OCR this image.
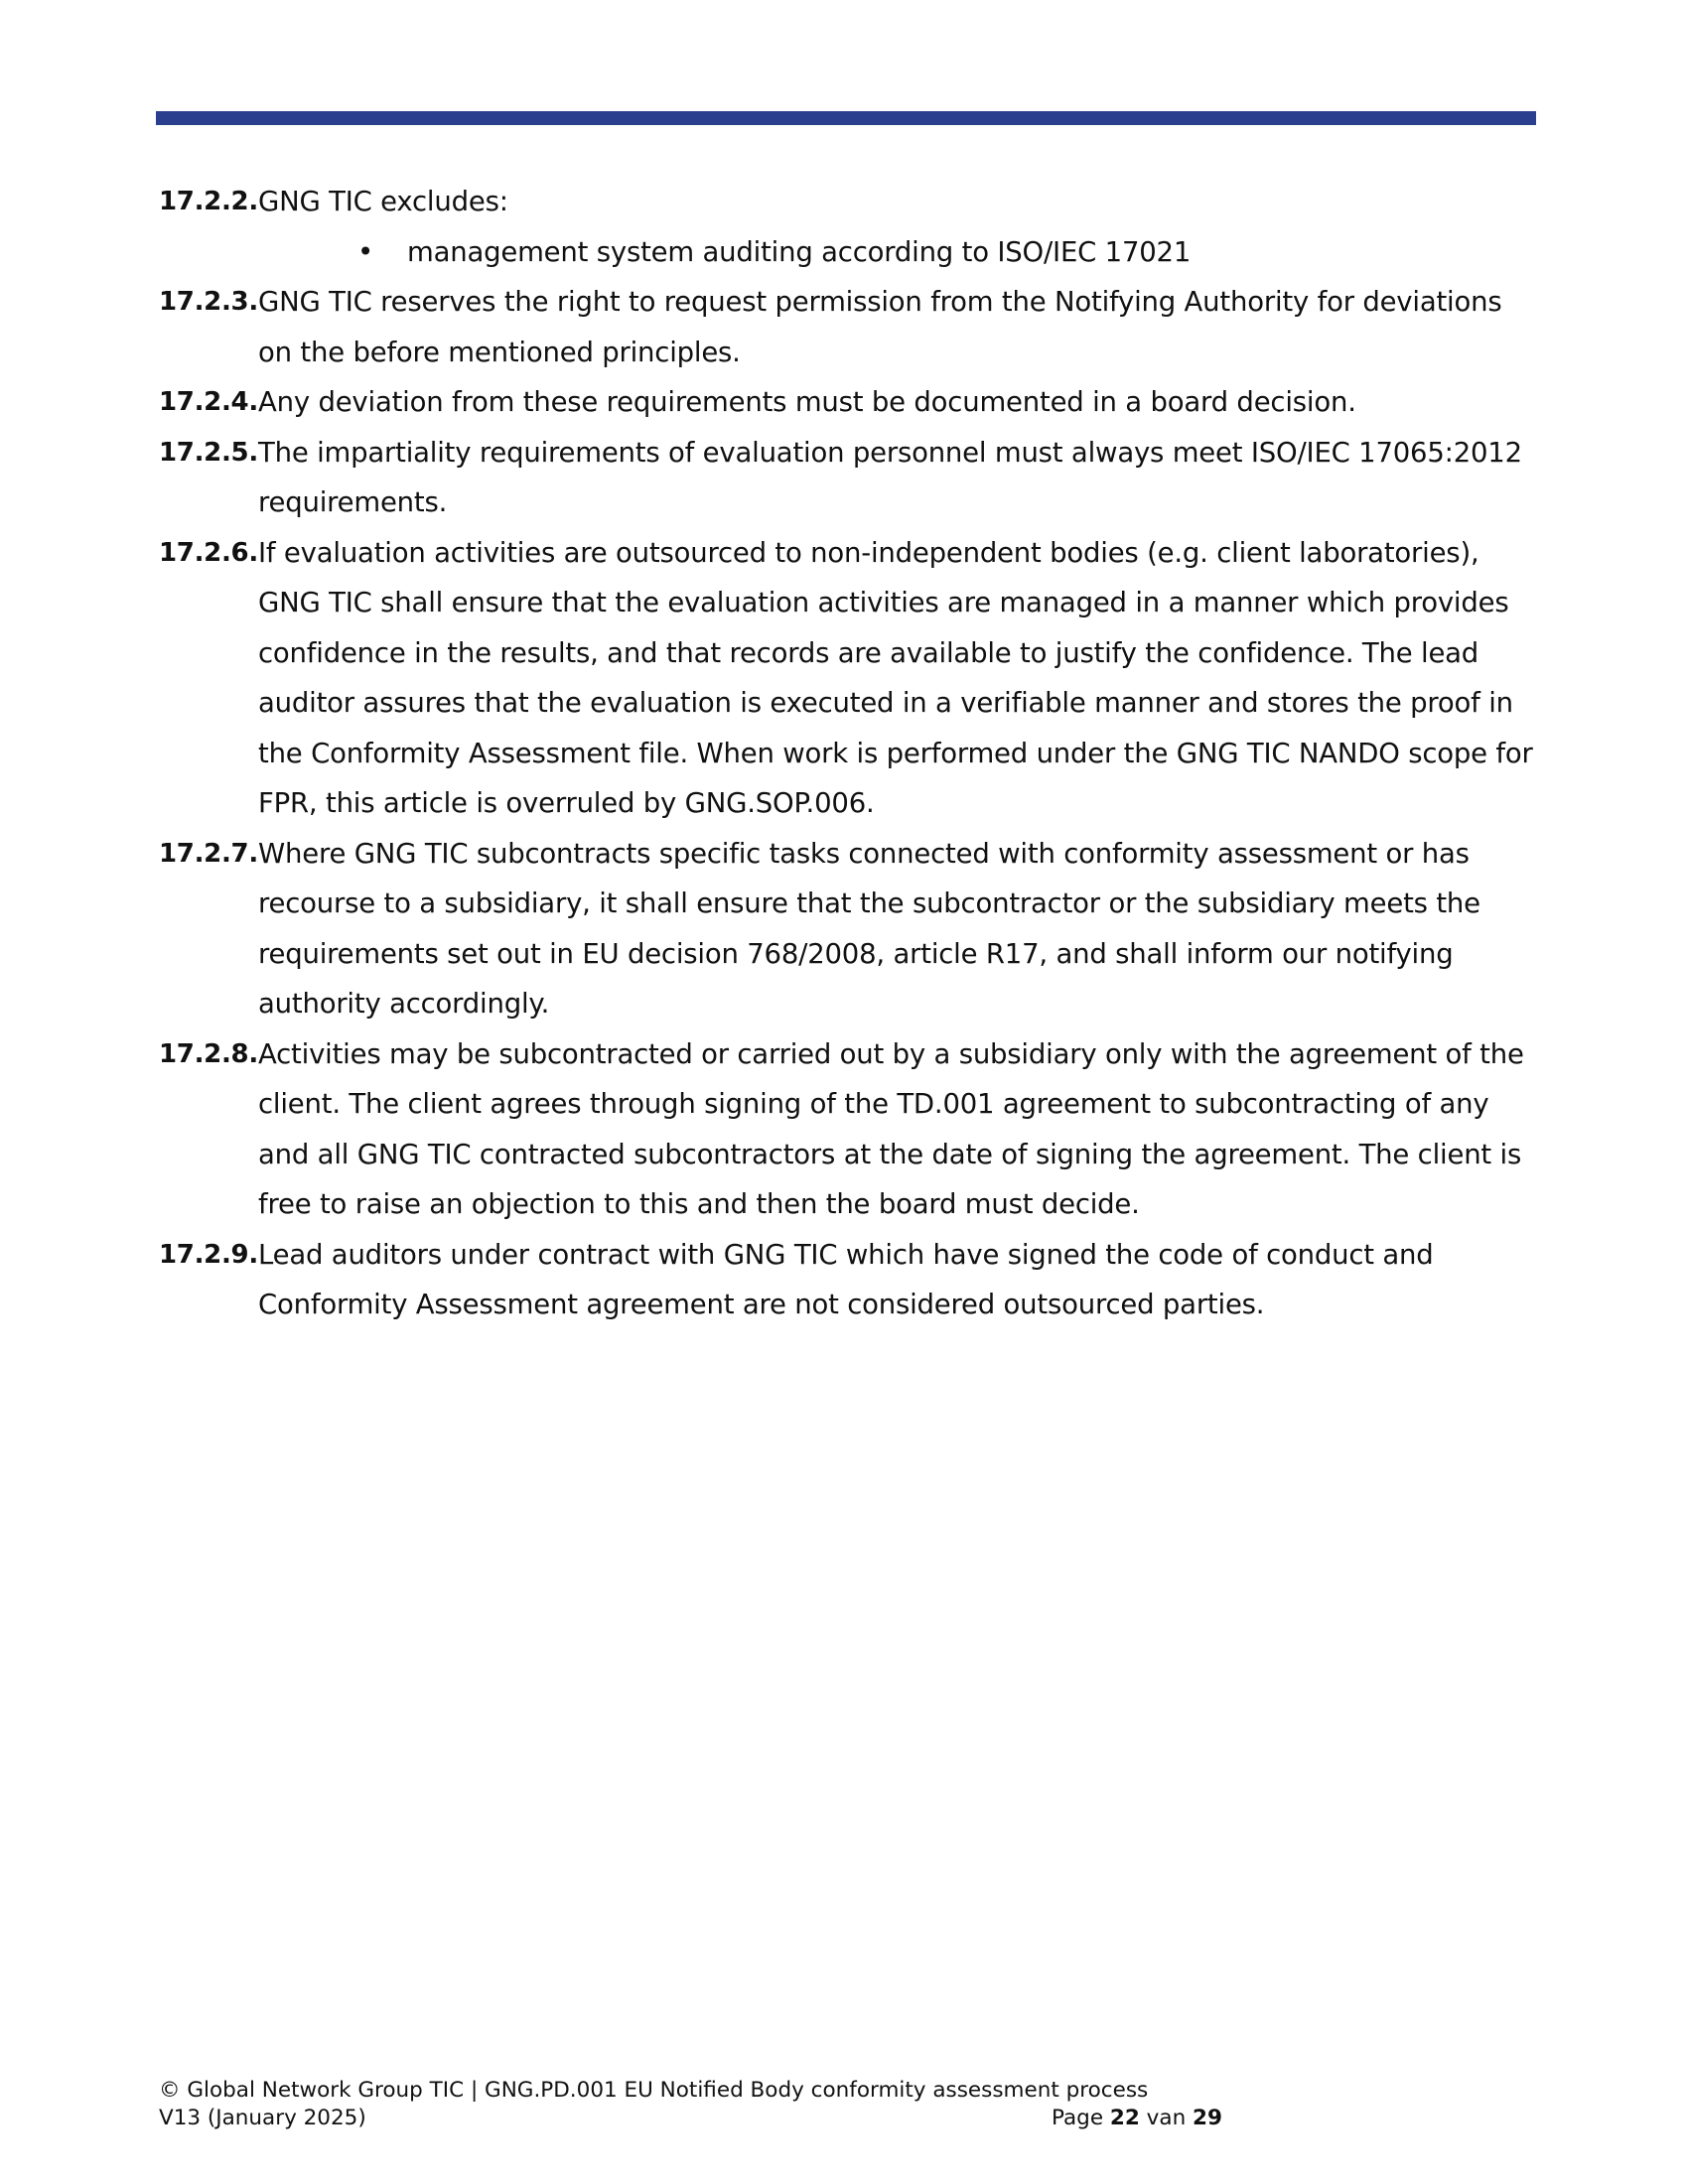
17.2.2. GNG TIC excludes:
• management system auditing according to ISO/IEC 17021
17.2.3. GNG TIC reserves the right to request permission from the Notifying Authority for deviations on the before mentioned principles.
17.2.4. Any deviation from these requirements must be documented in a board decision.
17.2.5. The impartiality requirements of evaluation personnel must always meet ISO/IEC 17065:2012 requirements.
17.2.6. If evaluation activities are outsourced to non-independent bodies (e.g. client laboratories), GNG TIC shall ensure that the evaluation activities are managed in a manner which provides confidence in the results, and that records are available to justify the confidence. The lead auditor assures that the evaluation is executed in a verifiable manner and stores the proof in the Conformity Assessment file. When work is performed under the GNG TIC NANDO scope for FPR, this article is overruled by GNG.SOP.006.
17.2.7. Where GNG TIC subcontracts specific tasks connected with conformity assessment or has recourse to a subsidiary, it shall ensure that the subcontractor or the subsidiary meets the requirements set out in EU decision 768/2008, article R17, and shall inform our notifying authority accordingly.
17.2.8. Activities may be subcontracted or carried out by a subsidiary only with the agreement of the client. The client agrees through signing of the TD.001 agreement to subcontracting of any and all GNG TIC contracted subcontractors at the date of signing the agreement. The client is free to raise an objection to this and then the board must decide.
17.2.9. Lead auditors under contract with GNG TIC which have signed the code of conduct and Conformity Assessment agreement are not considered outsourced parties.
© Global Network Group TIC | GNG.PD.001 EU Notified Body conformity assessment process
V13 (January 2025)	Page 22 van 29
